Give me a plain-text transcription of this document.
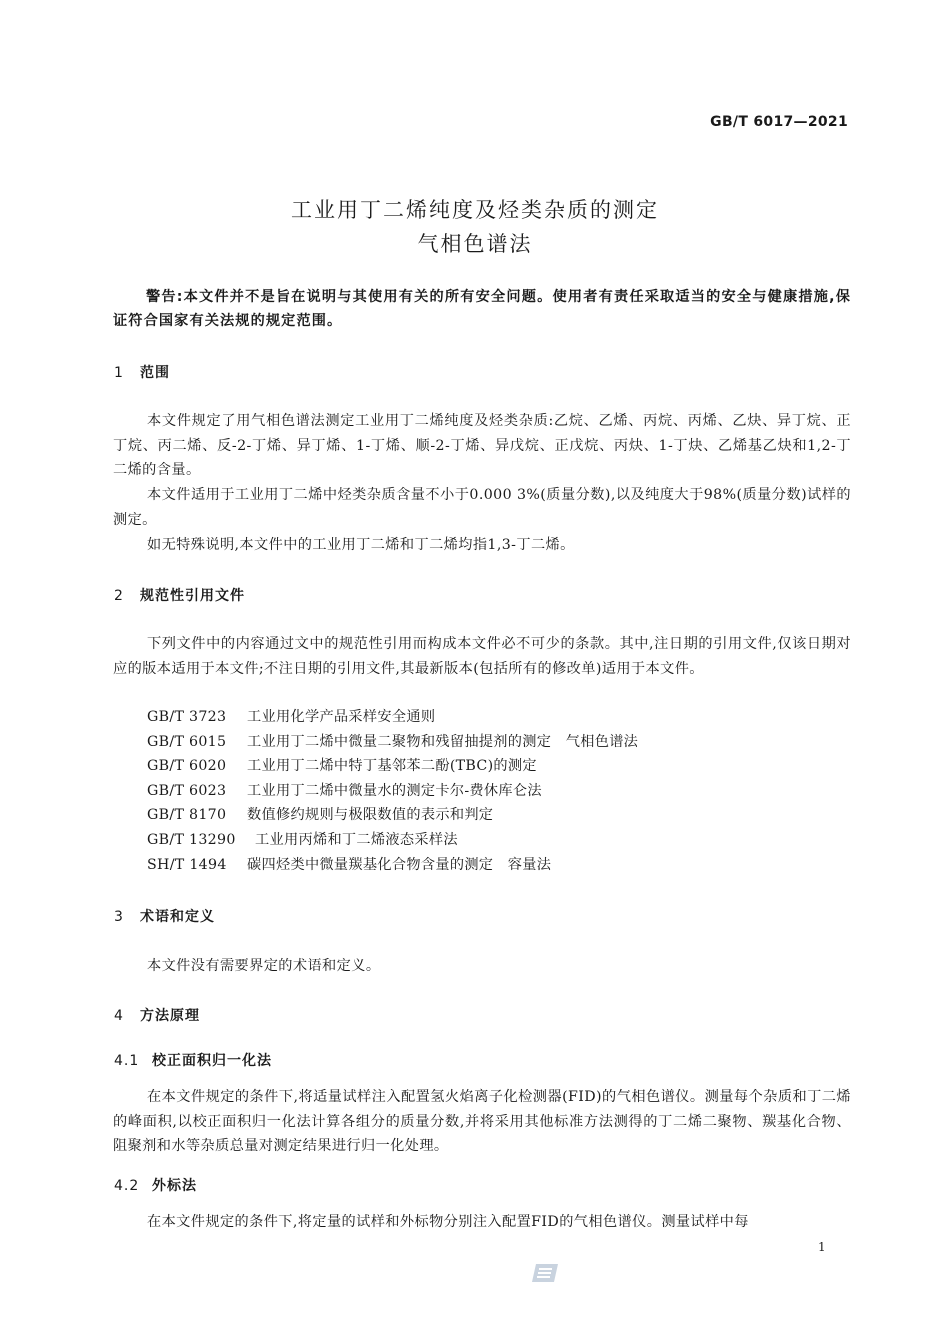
GB/T 6017—2021
工业用丁二烯纯度及烃类杂质的测定
气相色谱法
警告:本文件并不是旨在说明与其使用有关的所有安全问题。使用者有责任采取适当的安全与健康措施,保证符合国家有关法规的规定范围。
1 范围
本文件规定了用气相色谱法测定工业用丁二烯纯度及烃类杂质:乙烷、乙烯、丙烷、丙烯、乙炔、异丁烷、正丁烷、丙二烯、反-2-丁烯、异丁烯、1-丁烯、顺-2-丁烯、异戊烷、正戊烷、丙炔、1-丁炔、乙烯基乙炔和1,2-丁二烯的含量。
本文件适用于工业用丁二烯中烃类杂质含量不小于0.000 3%(质量分数),以及纯度大于98%(质量分数)试样的测定。
如无特殊说明,本文件中的工业用丁二烯和丁二烯均指1,3-丁二烯。
2 规范性引用文件
下列文件中的内容通过文中的规范性引用而构成本文件必不可少的条款。其中,注日期的引用文件,仅该日期对应的版本适用于本文件;不注日期的引用文件,其最新版本(包括所有的修改单)适用于本文件。
GB/T 3723 工业用化学产品采样安全通则
GB/T 6015 工业用丁二烯中微量二聚物和残留抽提剂的测定　气相色谱法
GB/T 6020 工业用丁二烯中特丁基邻苯二酚(TBC)的测定
GB/T 6023 工业用丁二烯中微量水的测定卡尔-费休库仑法
GB/T 8170 数值修约规则与极限数值的表示和判定
GB/T 13290 工业用丙烯和丁二烯液态采样法
SH/T 1494 碳四烃类中微量羰基化合物含量的测定　容量法
3 术语和定义
本文件没有需要界定的术语和定义。
4 方法原理
4.1 校正面积归一化法
在本文件规定的条件下,将适量试样注入配置氢火焰离子化检测器(FID)的气相色谱仪。测量每个杂质和丁二烯的峰面积,以校正面积归一化法计算各组分的质量分数,并将采用其他标准方法测得的丁二烯二聚物、羰基化合物、阻聚剂和水等杂质总量对测定结果进行归一化处理。
4.2 外标法
在本文件规定的条件下,将定量的试样和外标物分别注入配置FID的气相色谱仪。测量试样中每
1
